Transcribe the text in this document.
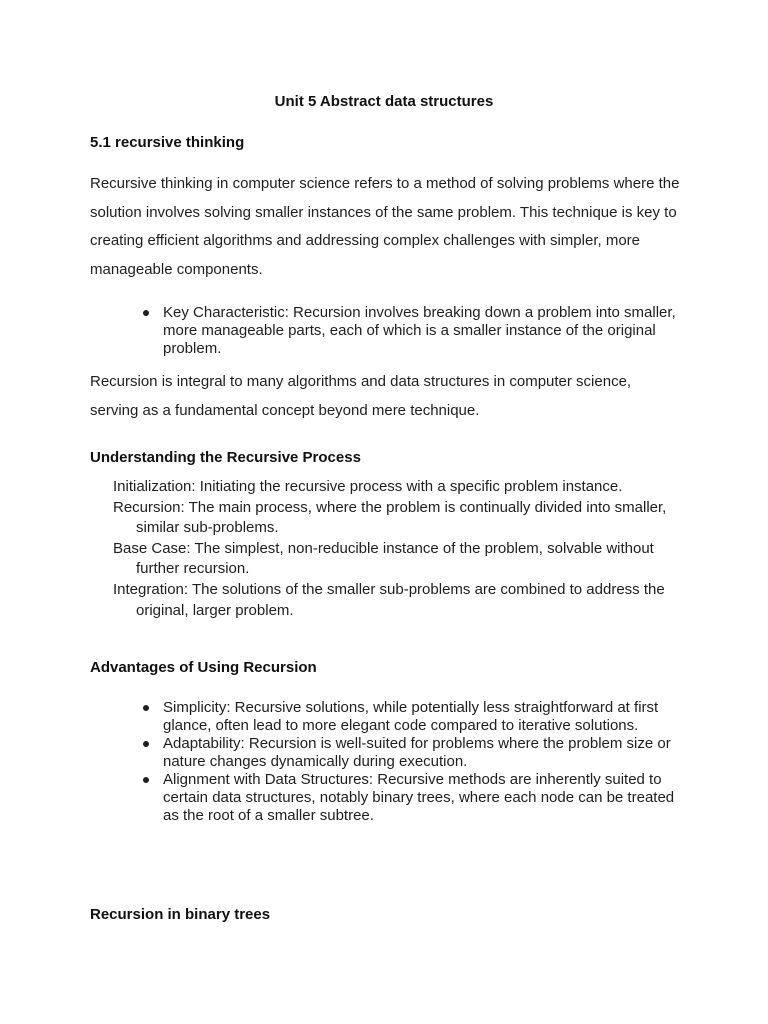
Unit 5 Abstract data structures
5.1 recursive thinking

Recursive thinking in computer science refers to a method of solving problems where the solution involves solving smaller instances of the same problem. This technique is key to creating efficient algorithms and addressing complex challenges with simpler, more manageable components.

Key Characteristic: Recursion involves breaking down a problem into smaller, more manageable parts, each of which is a smaller instance of the original problem.

Recursion is integral to many algorithms and data structures in computer science, serving as a fundamental concept beyond mere technique.

Understanding the Recursive Process
Initialization: Initiating the recursive process with a specific problem instance.
Recursion: The main process, where the problem is continually divided into smaller, similar sub-problems.
Base Case: The simplest, non-reducible instance of the problem, solvable without further recursion.
Integration: The solutions of the smaller sub-problems are combined to address the original, larger problem.
Advantages of Using Recursion
Simplicity: Recursive solutions, while potentially less straightforward at first glance, often lead to more elegant code compared to iterative solutions.
Adaptability: Recursion is well-suited for problems where the problem size or nature changes dynamically during execution.
Alignment with Data Structures: Recursive methods are inherently suited to certain data structures, notably binary trees, where each node can be treated as the root of a smaller subtree.
Recursion in binary trees
